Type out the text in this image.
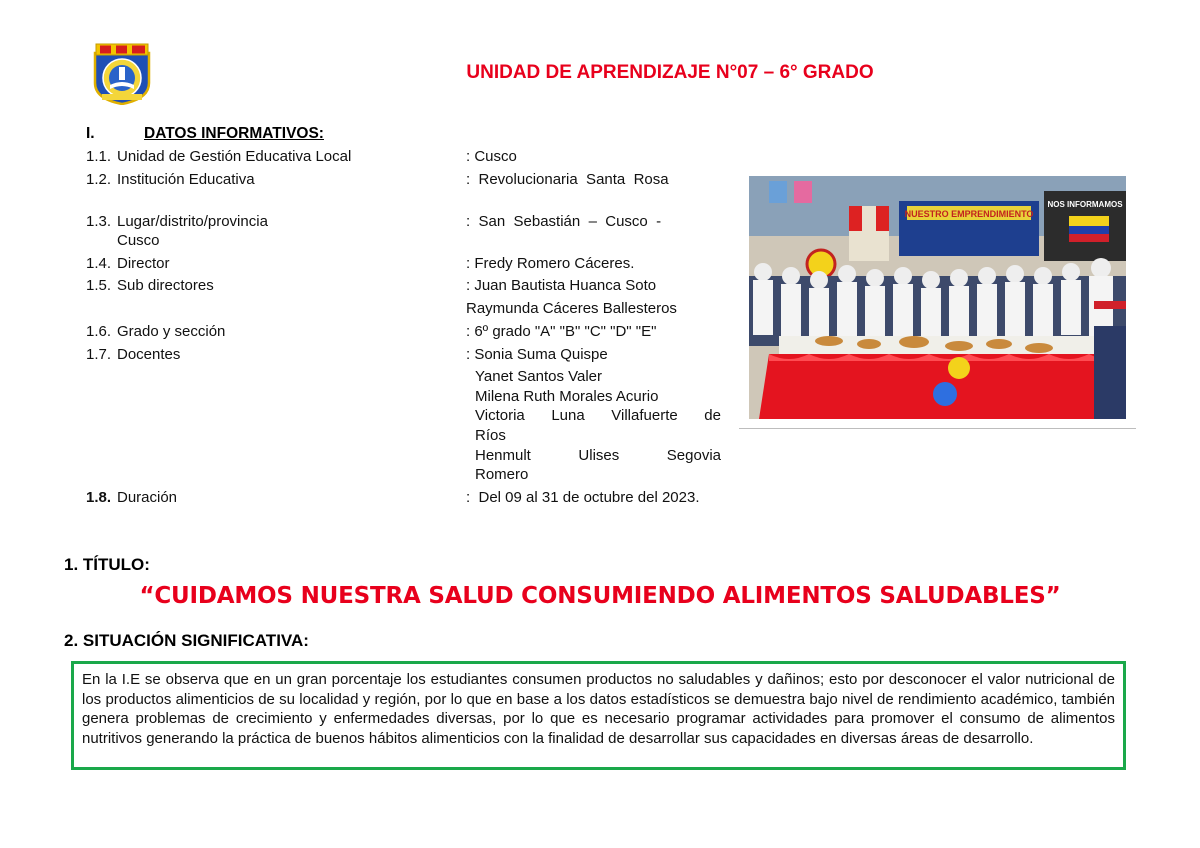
UNIDAD DE APRENDIZAJE N°07 – 6° GRADO
I.	DATOS INFORMATIVOS:
1.1. Unidad de Gestión Educativa Local	: Cusco
1.2. Institución Educativa	:  Revolucionaria  Santa  Rosa
1.3. Lugar/distrito/provincia
Cusco
:  San  Sebastián  –  Cusco  -
1.4. Director	: Fredy Romero Cáceres.
1.5. Sub directores	: Juan Bautista Huanca Soto
Raymunda Cáceres Ballesteros
1.6. Grado y sección	: 6º grado "A" "B" "C" "D" "E"
1.7. Docentes	: Sonia Suma Quispe
Yanet Santos Valer
Milena Ruth Morales Acurio
Victoria  Luna  Villafuerte  de
Ríos
Henmult    Ulises    Segovia
Romero
1.8. Duración	:  Del 09 al 31 de octubre del 2023.
NUESTRO EMPRENDIMIENTO
NOS INFORMAMOS
1. TÍTULO:
“CUIDAMOS NUESTRA SALUD CONSUMIENDO ALIMENTOS SALUDABLES”
2. SITUACIÓN SIGNIFICATIVA:
En la I.E se observa que en un gran porcentaje los estudiantes consumen productos no saludables y dañinos; esto por desconocer el valor nutricional de los productos alimenticios de su localidad y región, por lo que en base a los datos estadísticos se demuestra bajo nivel de rendimiento académico, también genera problemas de crecimiento y enfermedades diversas, por lo que es necesario programar actividades para promover el consumo de alimentos nutritivos generando la práctica de buenos hábitos alimenticios con la finalidad de desarrollar sus capacidades en diversas áreas de desarrollo.
